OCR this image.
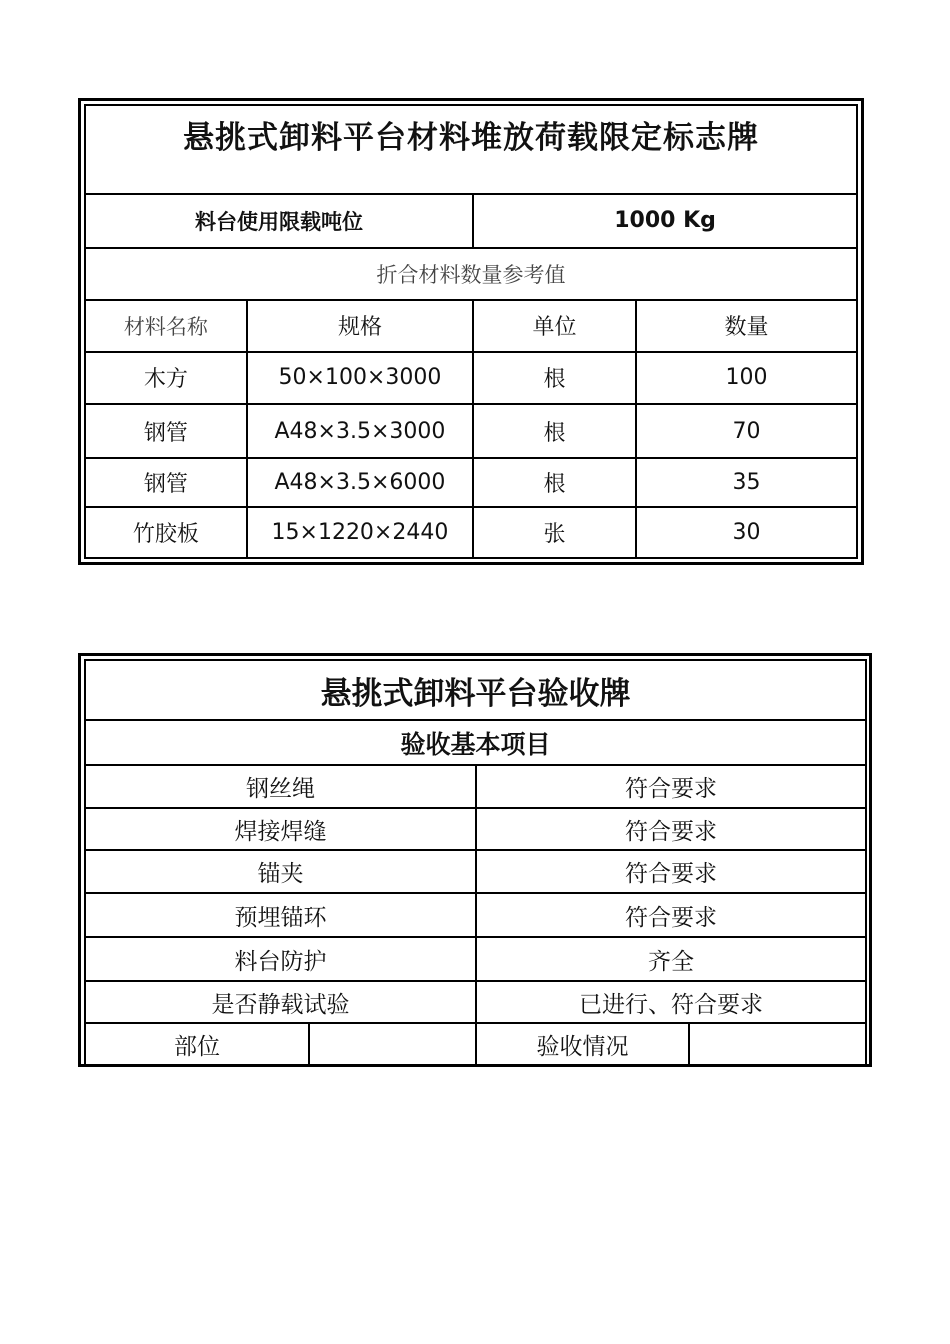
悬挑式卸料平台材料堆放荷载限定标志牌			
料台使用限载吨位		1000 Kg	
折合材料数量参考值			
材料名称	规格	单位	数量
木方	50×100×3000	根	100
钢管	A48×3.5×3000	根	70
钢管	A48×3.5×6000	根	35
竹胶板	15×1220×2440	张	30
悬挑式卸料平台验收牌			
验收基本项目			
钢丝绳		符合要求	
焊接焊缝		符合要求	
锚夹		符合要求	
预埋锚环		符合要求	
料台防护		齐全	
是否静载试验		已进行、符合要求	
部位		验收情况	
